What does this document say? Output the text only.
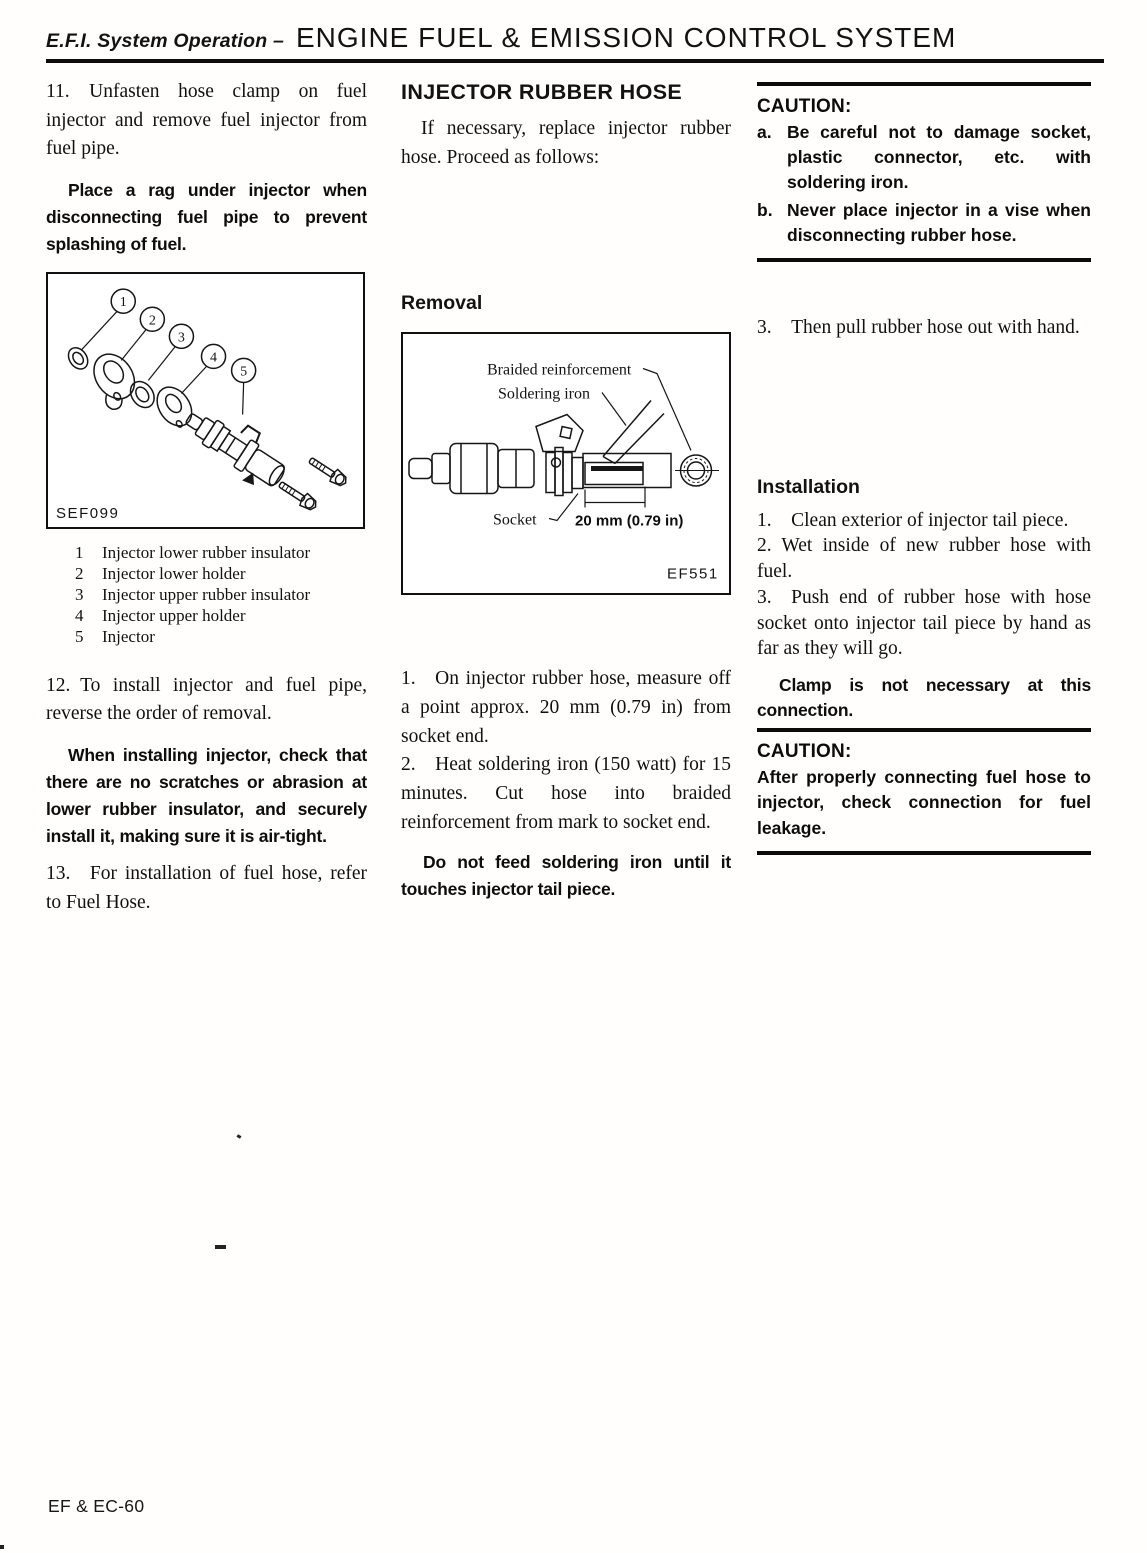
E.F.I. System Operation – ENGINE FUEL & EMISSION CONTROL SYSTEM

11. Unfasten hose clamp on fuel injector and remove fuel injector from fuel pipe.

Place a rag under injector when disconnecting fuel pipe to prevent splashing of fuel.

1
2
3
4
5
SEF099
1	Injector lower rubber insulator
2	Injector lower holder
3	Injector upper rubber insulator
4	Injector upper holder
5	Injector

12. To install injector and fuel pipe, reverse the order of removal.

When installing injector, check that there are no scratches or abrasion at lower rubber insulator, and securely install it, making sure it is air-tight.

13. For installation of fuel hose, refer to Fuel Hose.

INJECTOR RUBBER HOSE

If necessary, replace injector rubber hose. Proceed as follows:

Removal
Braided reinforcement
Soldering iron
Socket	20 mm (0.79 in)
EF551

1. On injector rubber hose, measure off a point approx. 20 mm (0.79 in) from socket end.

2. Heat soldering iron (150 watt) for 15 minutes. Cut hose into braided reinforcement from mark to socket end.

Do not feed soldering iron until it touches injector tail piece.

CAUTION:
a. Be careful not to damage socket, plastic connector, etc. with soldering iron.
b. Never place injector in a vise when disconnecting rubber hose.

3. Then pull rubber hose out with hand.

Installation

1. Clean exterior of injector tail piece.

2. Wet inside of new rubber hose with fuel.

3. Push end of rubber hose with hose socket onto injector tail piece by hand as far as they will go.

Clamp is not necessary at this connection.

CAUTION:
After properly connecting fuel hose to injector, check connection for fuel leakage.
EF & EC-60
